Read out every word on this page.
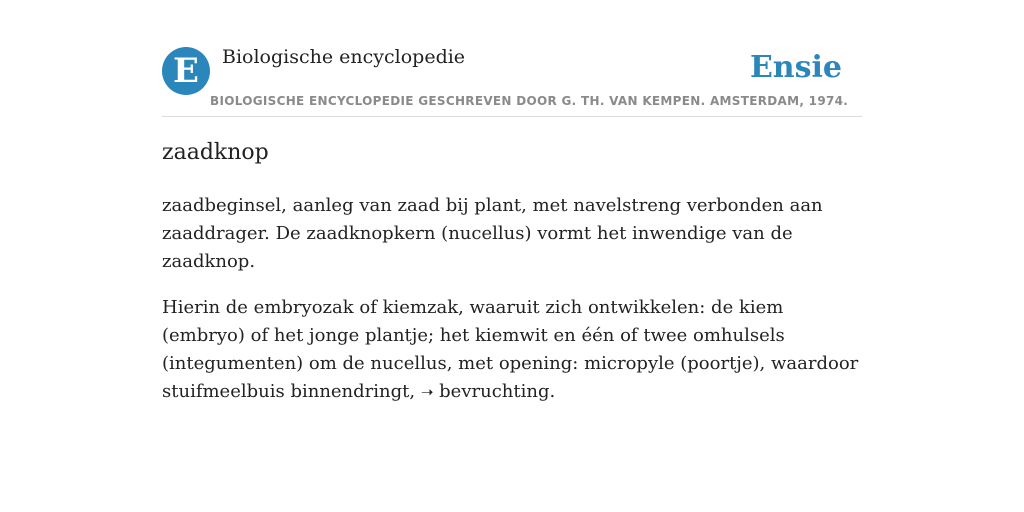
E	Biologische encyclopedie	Ensie
BIOLOGISCHE ENCYCLOPEDIE GESCHREVEN DOOR G. TH. VAN KEMPEN. AMSTERDAM, 1974.
zaadknop

zaadbeginsel, aanleg van zaad bij plant, met navelstreng verbonden aan zaaddrager. De zaadknopkern (nucellus) vormt het inwendige van de zaadknop.

Hierin de embryozak of kiemzak, waaruit zich ontwikkelen: de kiem (embryo) of het jonge plantje; het kiemwit en één of twee omhulsels (integumenten) om de nucellus, met opening: micropyle (poortje), waardoor stuifmeelbuis binnendringt, ➝ bevruchting.
